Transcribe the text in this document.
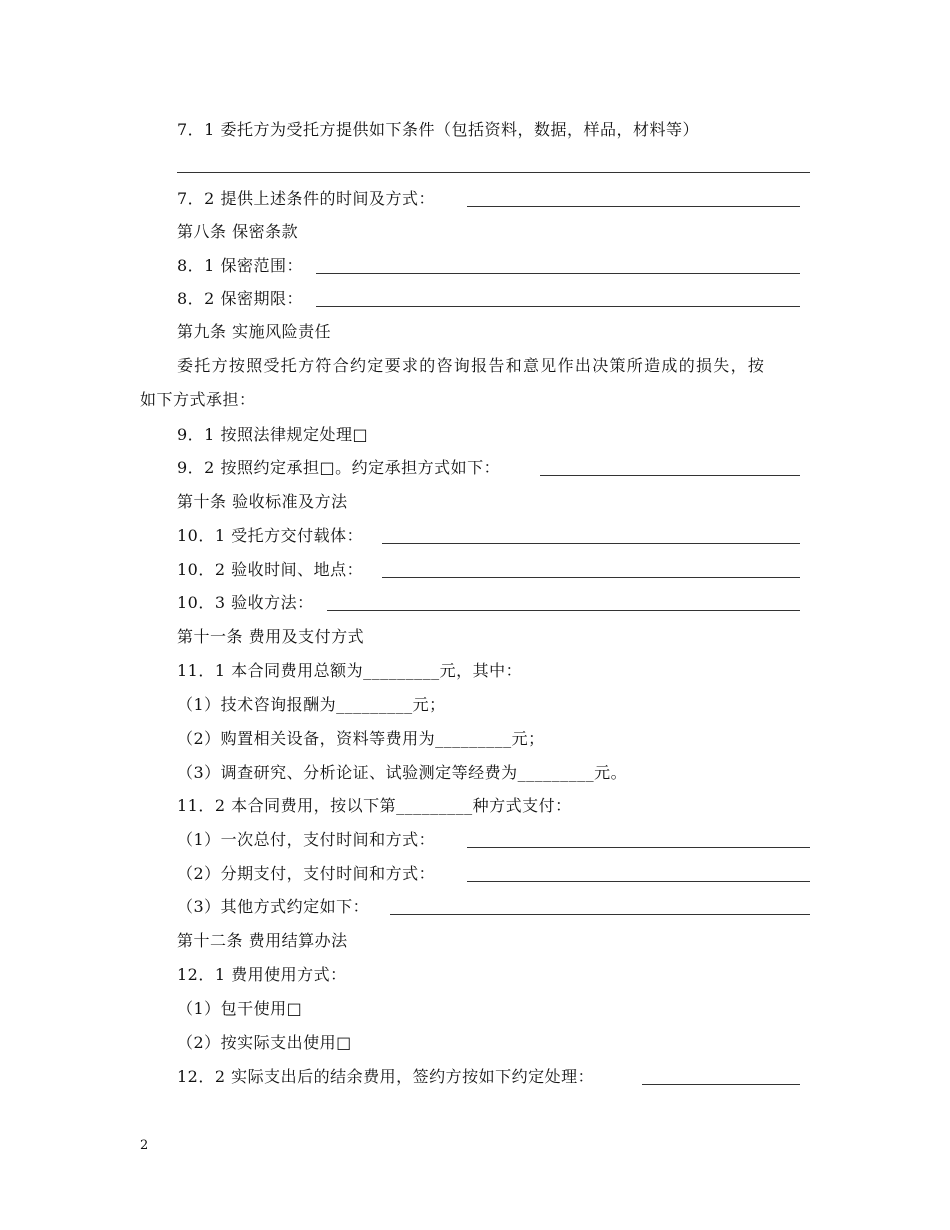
7．1 委托方为受托方提供如下条件（包括资料，数据，样品，材料等）
7．2 提供上述条件的时间及方式：
第八条 保密条款
8．1 保密范围：
8．2 保密期限：
第九条 实施风险责任
委托方按照受托方符合约定要求的咨询报告和意见作出决策所造成的损失，按
如下方式承担：
9．1 按照法律规定处理□
9．2 按照约定承担□。约定承担方式如下：
第十条 验收标准及方法
10．1 受托方交付载体：
10．2 验收时间、地点：
10．3 验收方法：
第十一条 费用及支付方式
11．1 本合同费用总额为_________元，其中：
（1）技术咨询报酬为_________元；
（2）购置相关设备，资料等费用为_________元；
（3）调查研究、分析论证、试验测定等经费为_________元。
11．2 本合同费用，按以下第_________种方式支付：
（1）一次总付，支付时间和方式：
（2）分期支付，支付时间和方式：
（3）其他方式约定如下：
第十二条 费用结算办法
12．1 费用使用方式：
（1）包干使用□
（2）按实际支出使用□
12．2 实际支出后的结余费用，签约方按如下约定处理：
2
